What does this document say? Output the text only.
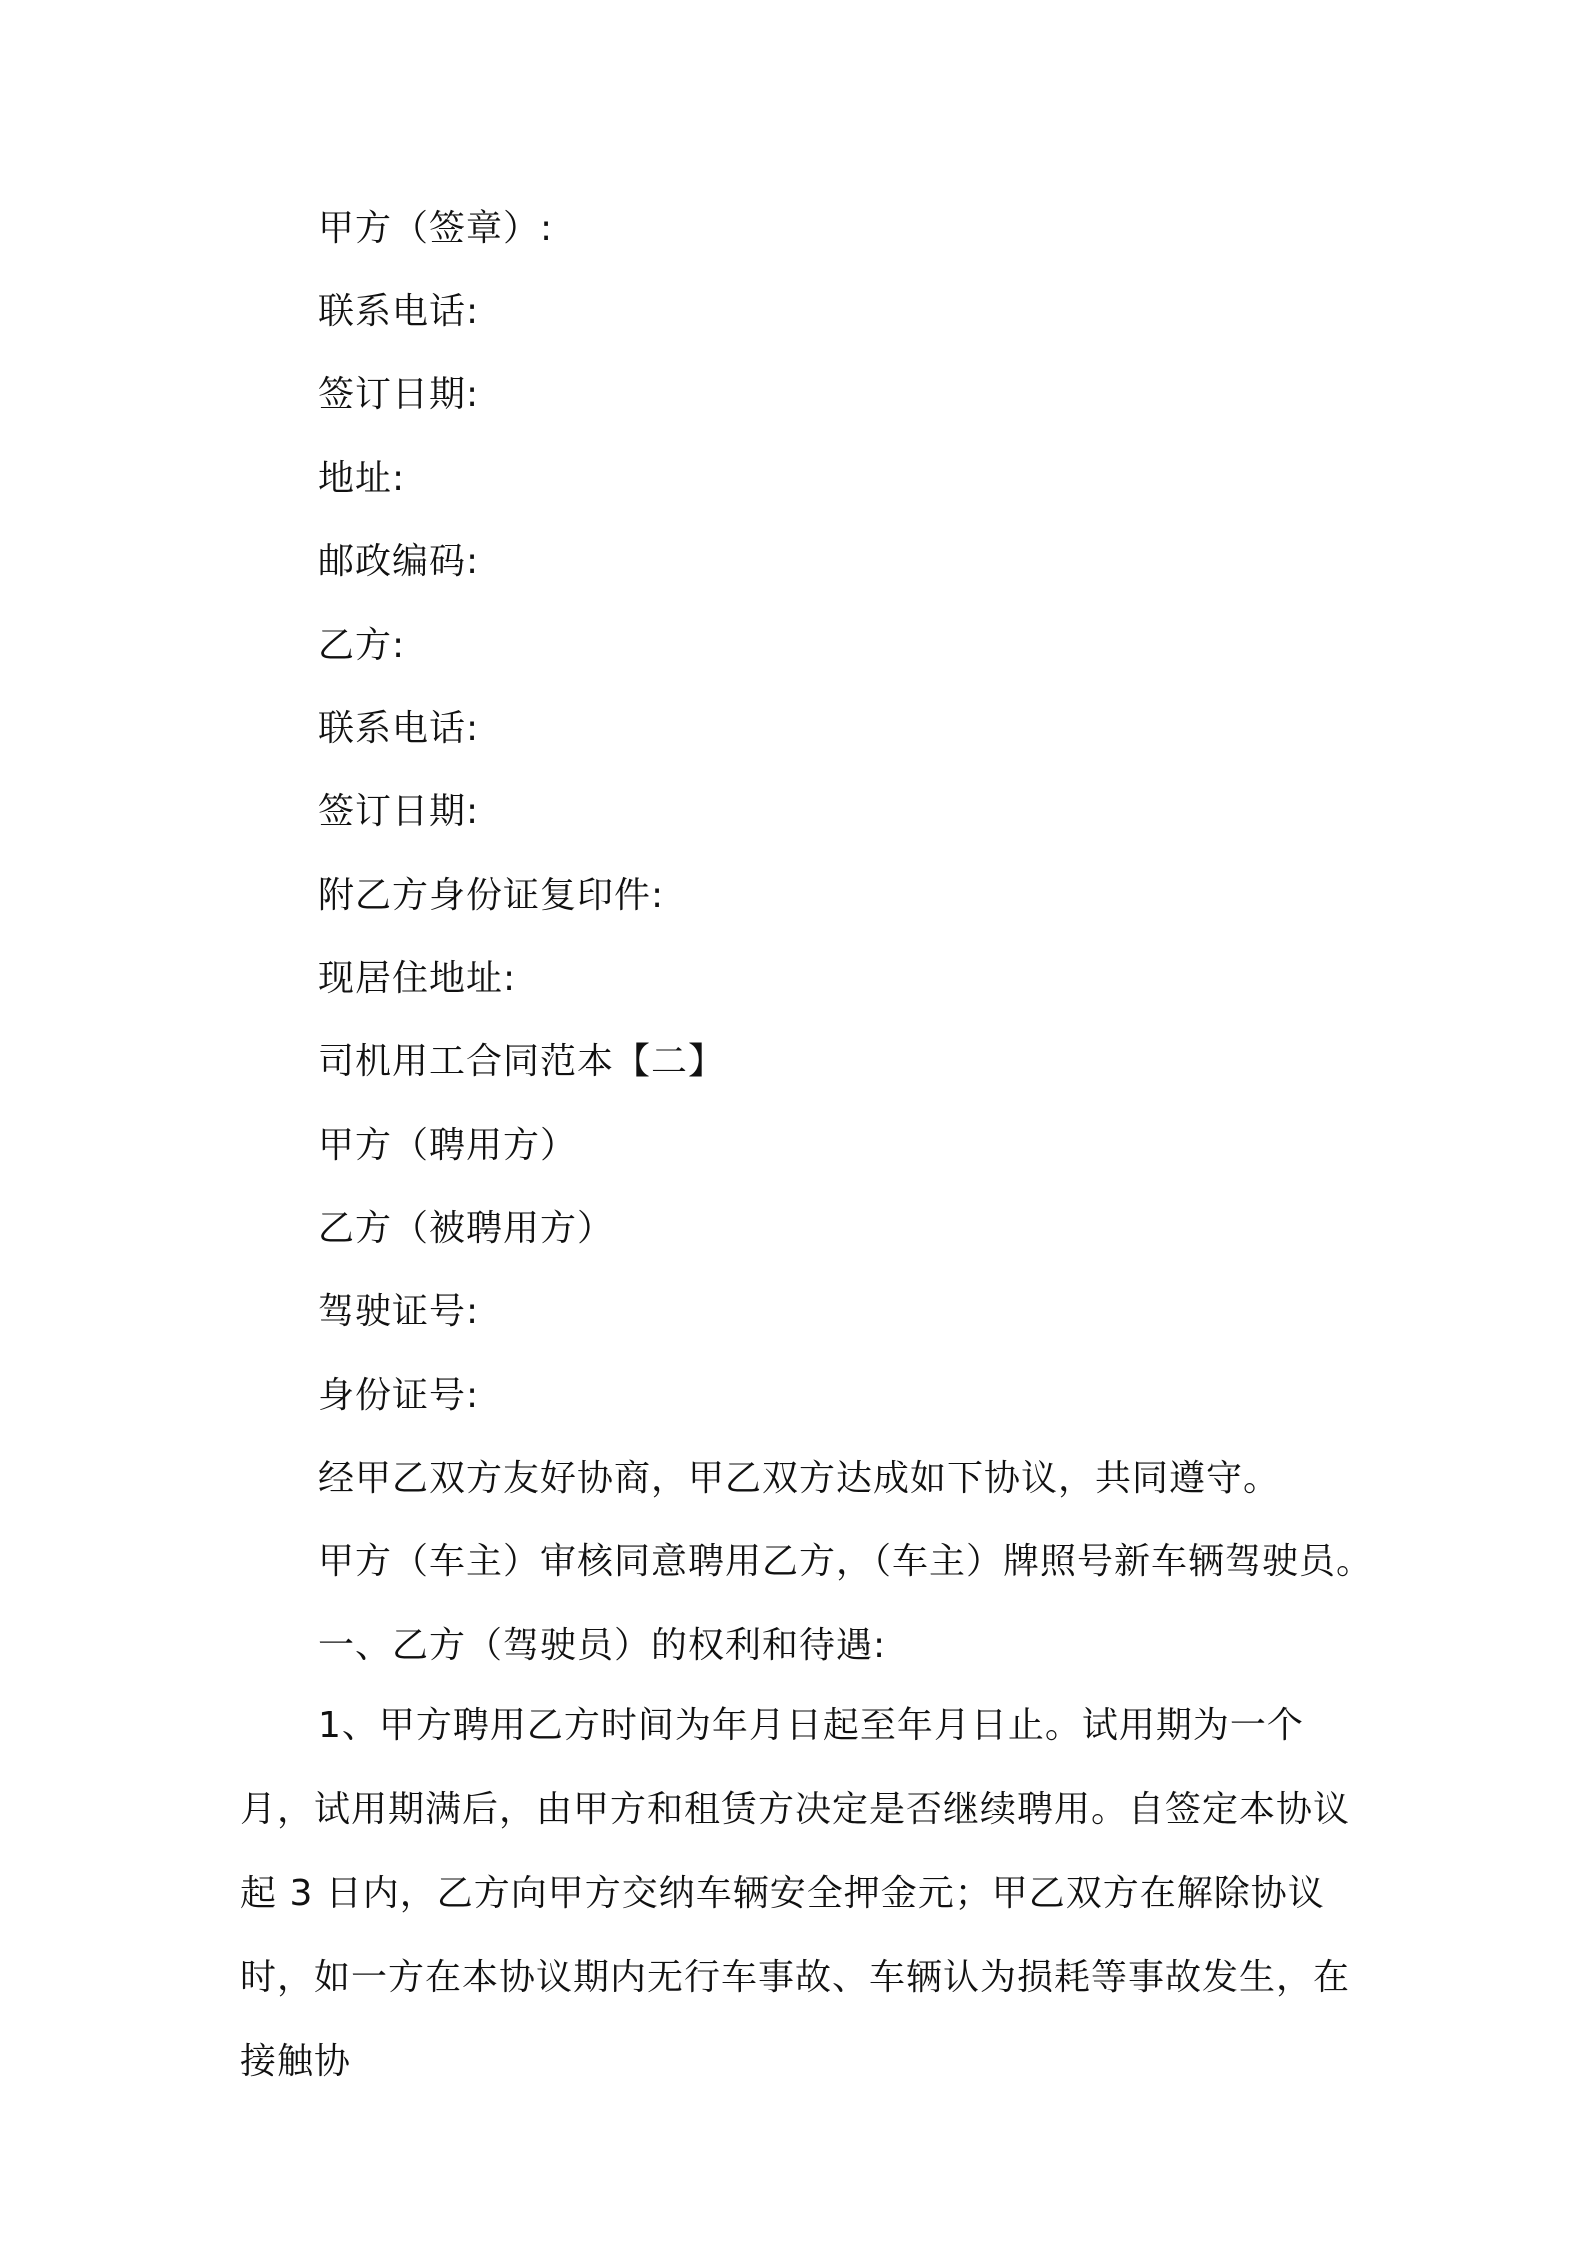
甲方（签章）:
联系电话:
签订日期:
地址:
邮政编码:
乙方:
联系电话:
签订日期:
附乙方身份证复印件:
现居住地址:
司机用工合同范本【二】
甲方（聘用方）
乙方（被聘用方）
驾驶证号:
身份证号:
经甲乙双方友好协商，甲乙双方达成如下协议，共同遵守。
甲方（车主）审核同意聘用乙方，（车主）牌照号新车辆驾驶员。
一、乙方（驾驶员）的权利和待遇:
1、甲方聘用乙方时间为年月日起至年月日止。试用期为一个月，试用期满后，由甲方和租赁方决定是否继续聘用。自签定本协议起 3 日内，乙方向甲方交纳车辆安全押金元；甲乙双方在解除协议时，如一方在本协议期内无行车事故、车辆认为损耗等事故发生，在接触协
